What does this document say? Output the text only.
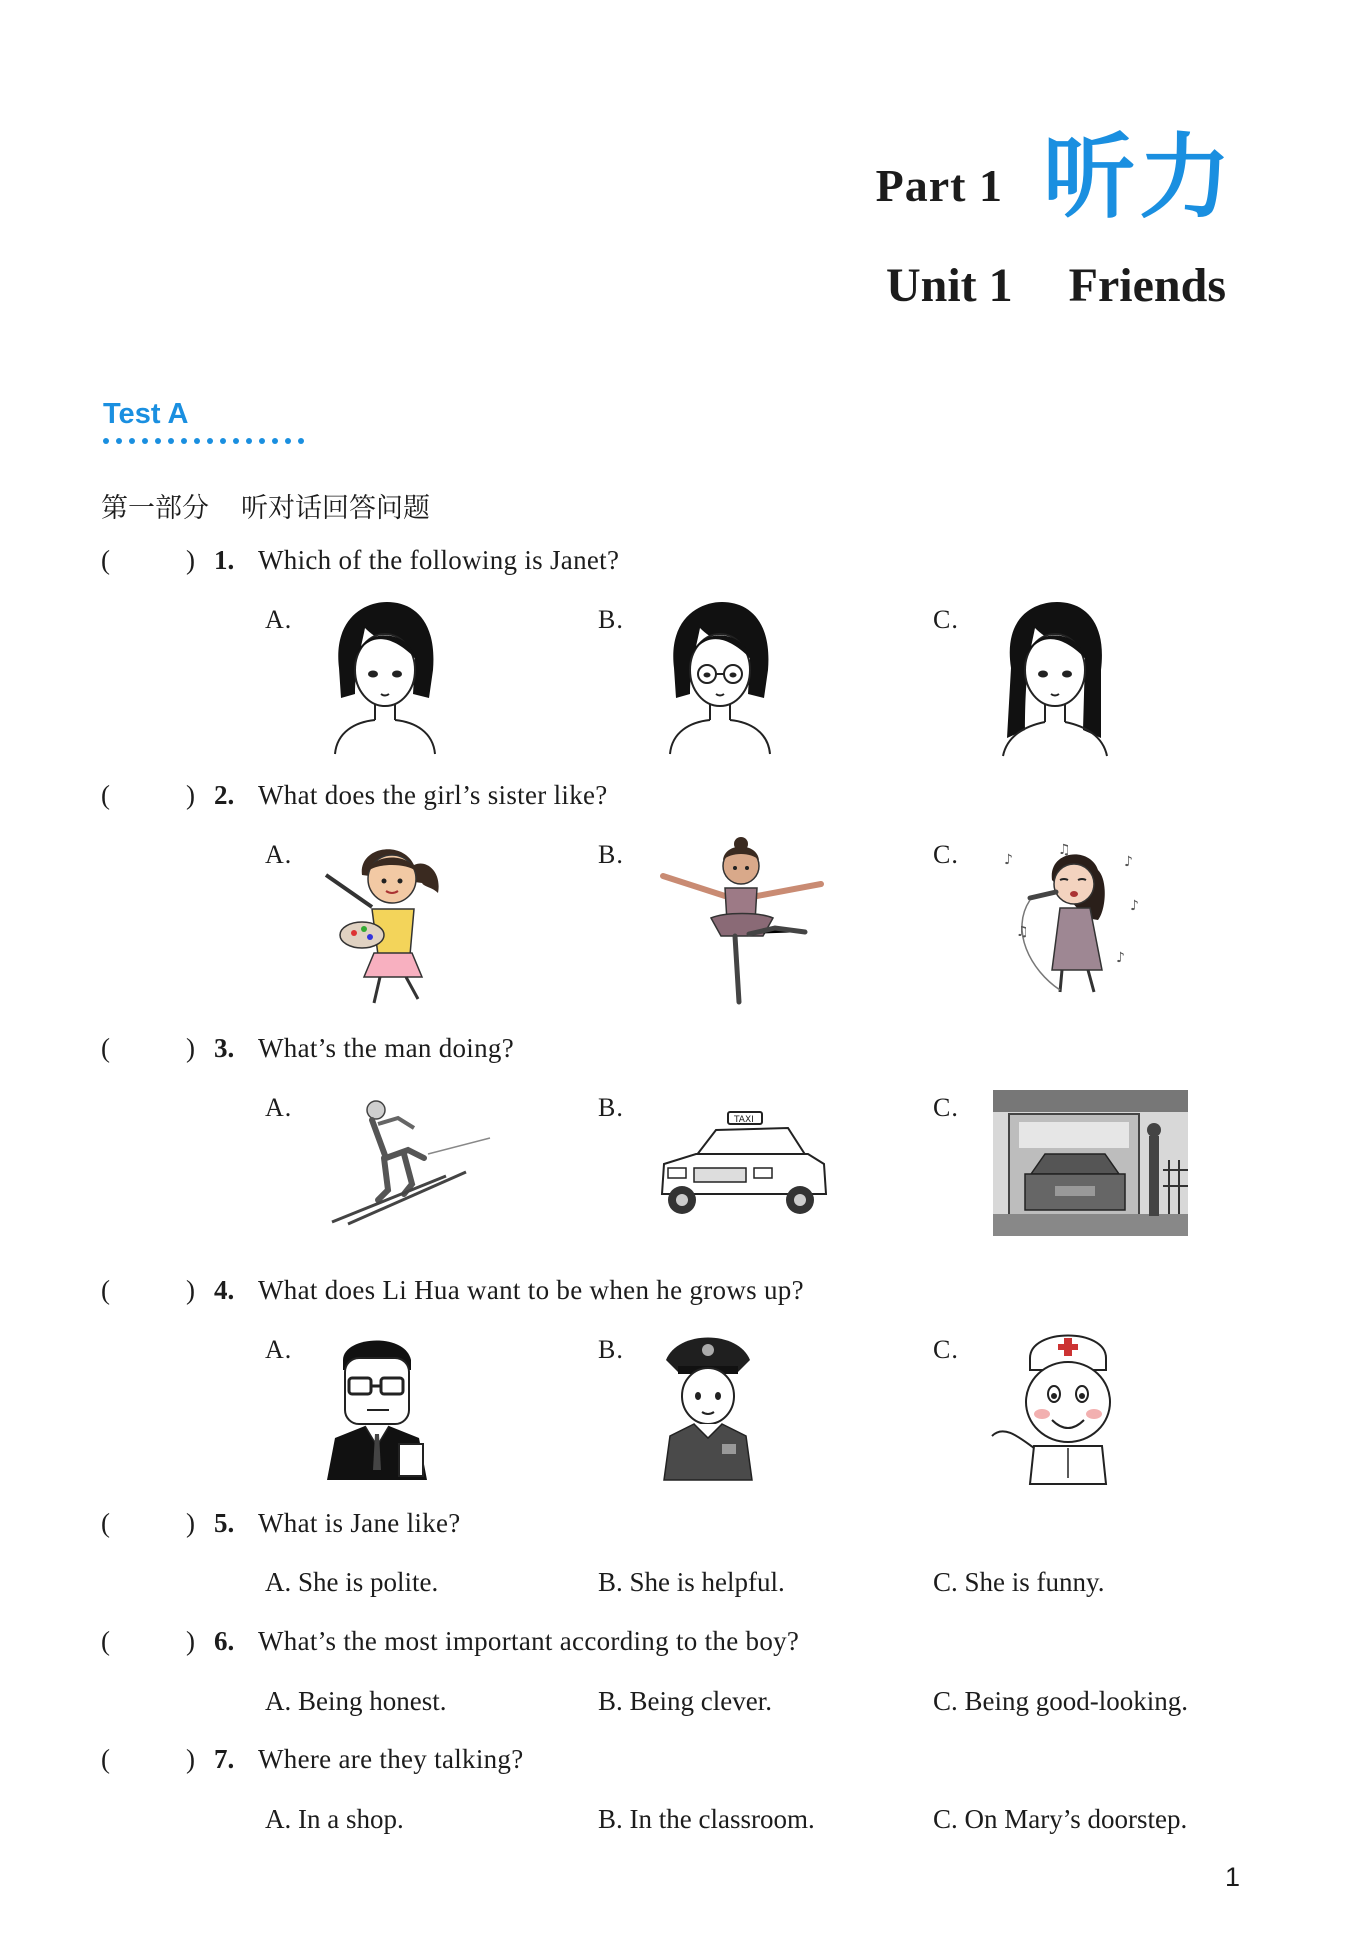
Part 1 听力
Unit 1 Friends
Test A
第一部分 听对话回答问题
(	) 1. Which of the following is Janet?
A.	B.	C.
(	) 2. What does the girl’s sister like?
A.	B.	C.	♪
♫
♪
♪
♫
♪
(	) 3. What’s the man doing?
A.	B.	C.
TAXI
(	) 4. What does Li Hua want to be when he grows up?
A.	B.	C.
(	) 5. What is Jane like?
A. She is polite.	B. She is helpful.	C. She is funny.
(	) 6. What’s the most important according to the boy?
A. Being honest.	B. Being clever.	C. Being good-looking.
(	) 7. Where are they talking?
A. In a shop.	B. In the classroom.	C. On Mary’s doorstep.
1
